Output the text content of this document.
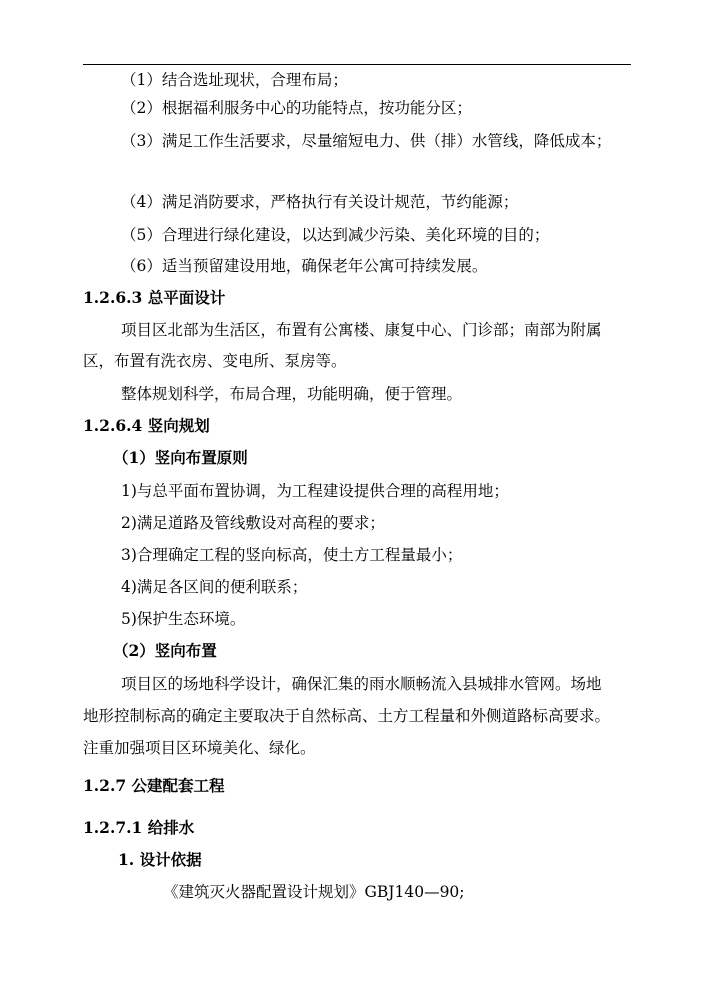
（1）结合选址现状，合理布局；
（2）根据福利服务中心的功能特点，按功能分区；
（3）满足工作生活要求，尽量缩短电力、供（排）水管线，降低成本；
（4）满足消防要求，严格执行有关设计规范，节约能源；
（5）合理进行绿化建设，以达到减少污染、美化环境的目的；
（6）适当预留建设用地，确保老年公寓可持续发展。
1.2.6.3 总平面设计
项目区北部为生活区，布置有公寓楼、康复中心、门诊部；南部为附属
区，布置有洗衣房、变电所、泵房等。
整体规划科学，布局合理，功能明确，便于管理。
1.2.6.4 竖向规划
（1）竖向布置原则
1)与总平面布置协调，为工程建设提供合理的高程用地；
2)满足道路及管线敷设对高程的要求；
3)合理确定工程的竖向标高，使土方工程量最小；
4)满足各区间的便利联系；
5)保护生态环境。
（2）竖向布置
项目区的场地科学设计，确保汇集的雨水顺畅流入县城排水管网。场地
地形控制标高的确定主要取决于自然标高、土方工程量和外侧道路标高要求。
注重加强项目区环境美化、绿化。
1.2.7 公建配套工程
1.2.7.1 给排水
1. 设计依据
《建筑灭火器配置设计规划》GBJ140—90;
